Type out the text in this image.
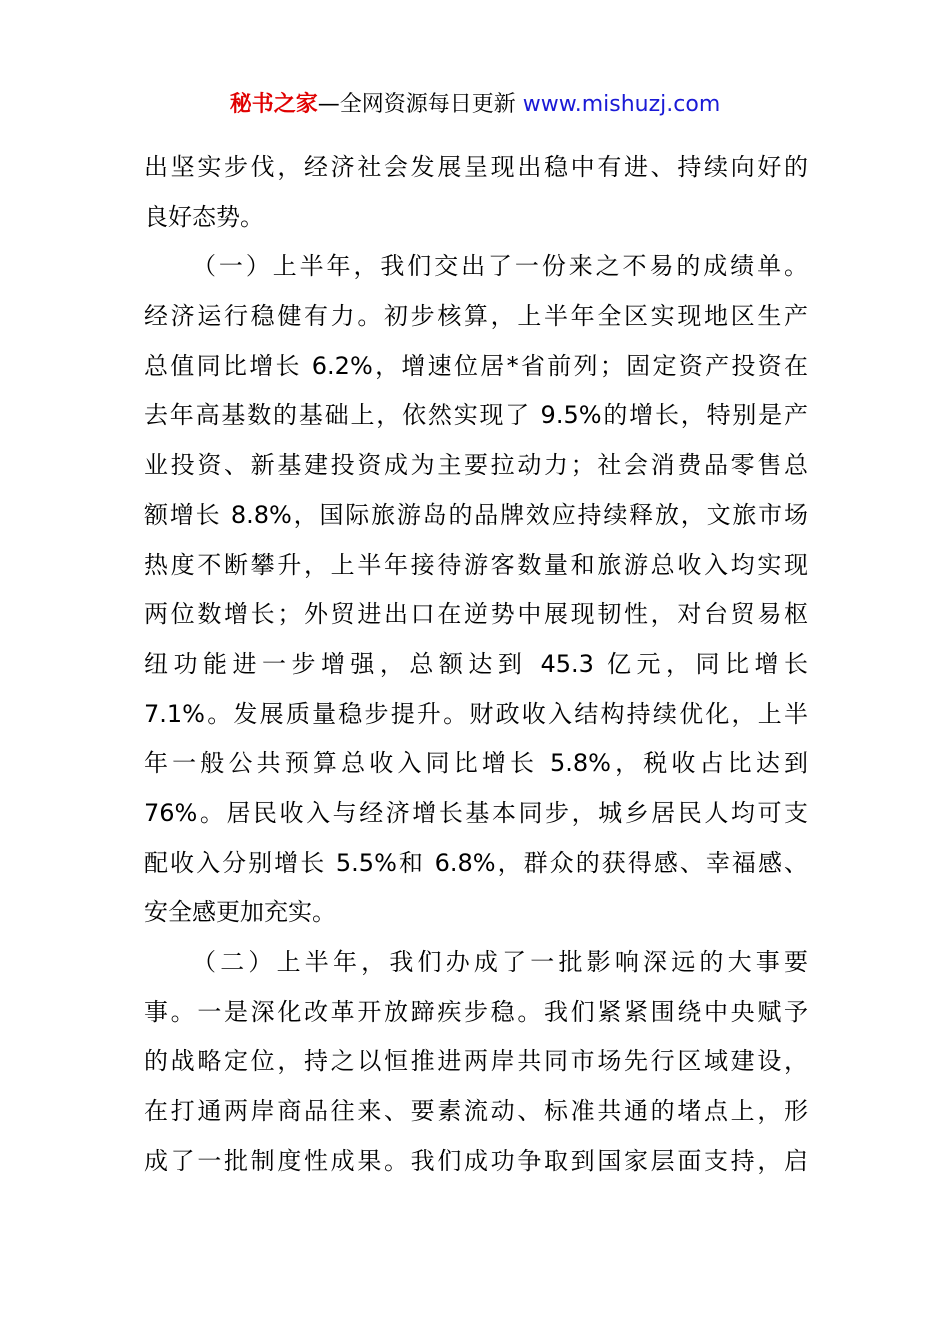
秘书之家—全网资源每日更新 www.mishuzj.com
出坚实步伐，经济社会发展呈现出稳中有进、持续向好的
良好态势。
（一）上半年，我们交出了一份来之不易的成绩单。
经济运行稳健有力。初步核算，上半年全区实现地区生产
总值同比增长 6.2%，增速位居*省前列；固定资产投资在
去年高基数的基础上，依然实现了 9.5%的增长，特别是产
业投资、新基建投资成为主要拉动力；社会消费品零售总
额增长 8.8%，国际旅游岛的品牌效应持续释放，文旅市场
热度不断攀升，上半年接待游客数量和旅游总收入均实现
两位数增长；外贸进出口在逆势中展现韧性，对台贸易枢
纽功能进一步增强，总额达到 45.3 亿元，同比增长
7.1%。发展质量稳步提升。财政收入结构持续优化，上半
年一般公共预算总收入同比增长 5.8%，税收占比达到
76%。居民收入与经济增长基本同步，城乡居民人均可支
配收入分别增长 5.5%和 6.8%，群众的获得感、幸福感、
安全感更加充实。
（二）上半年，我们办成了一批影响深远的大事要
事。一是深化改革开放蹄疾步稳。我们紧紧围绕中央赋予
的战略定位，持之以恒推进两岸共同市场先行区域建设，
在打通两岸商品往来、要素流动、标准共通的堵点上，形
成了一批制度性成果。我们成功争取到国家层面支持，启
